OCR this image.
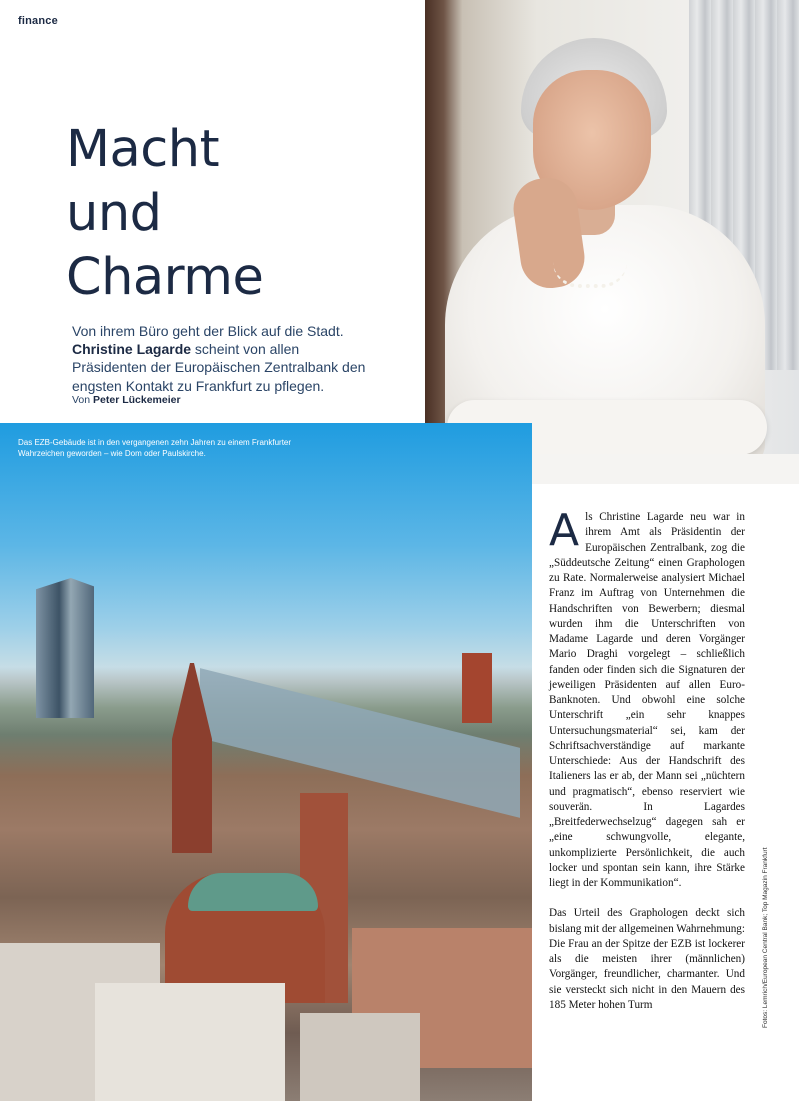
finance
Macht
und
Charme
Von ihrem Büro geht der Blick auf die Stadt. Christine Lagarde scheint von allen Präsidenten der Europäischen Zentralbank den engsten Kontakt zu Frankfurt zu pflegen.
Von Peter Lückemeier
Das EZB-Gebäude ist in den vergangenen zehn Jahren zu einem Frankfurter Wahrzeichen geworden – wie Dom oder Paulskirche.

Als Christine Lagarde neu war in ihrem Amt als Präsidentin der Europäischen Zentralbank, zog die „Süddeutsche Zeitung“ einen Graphologen zu Rate. Normalerweise analysiert Michael Franz im Auftrag von Unternehmen die Handschriften von Bewerbern; diesmal wurden ihm die Unterschriften von Madame Lagarde und deren Vorgänger Mario Draghi vorgelegt – schließlich fanden oder finden sich die Signaturen der jeweiligen Präsidenten auf allen Euro-Banknoten. Und obwohl eine solche Unterschrift „ein sehr knappes Untersuchungsmaterial“ sei, kam der Schriftsachverständige auf markante Unterschiede: Aus der Handschrift des Italieners las er ab, der Mann sei „nüchtern und pragmatisch“, ebenso reserviert wie souverän. In Lagardes „Breitfederwechselzug“ dagegen sah er „eine schwungvolle, elegante, unkomplizierte Persönlichkeit, die auch locker und spontan sein kann, ihre Stärke liegt in der Kommunikation“.

Das Urteil des Graphologen deckt sich bislang mit der allgemeinen Wahrnehmung: Die Frau an der Spitze der EZB ist lockerer als die meisten ihrer (männlichen) Vorgänger, freundlicher, charmanter. Und sie versteckt sich nicht in den Mauern des 185 Meter hohen Turm	Fotos: Lemrich/European Central Bank; Top Magazin Frankfurt
